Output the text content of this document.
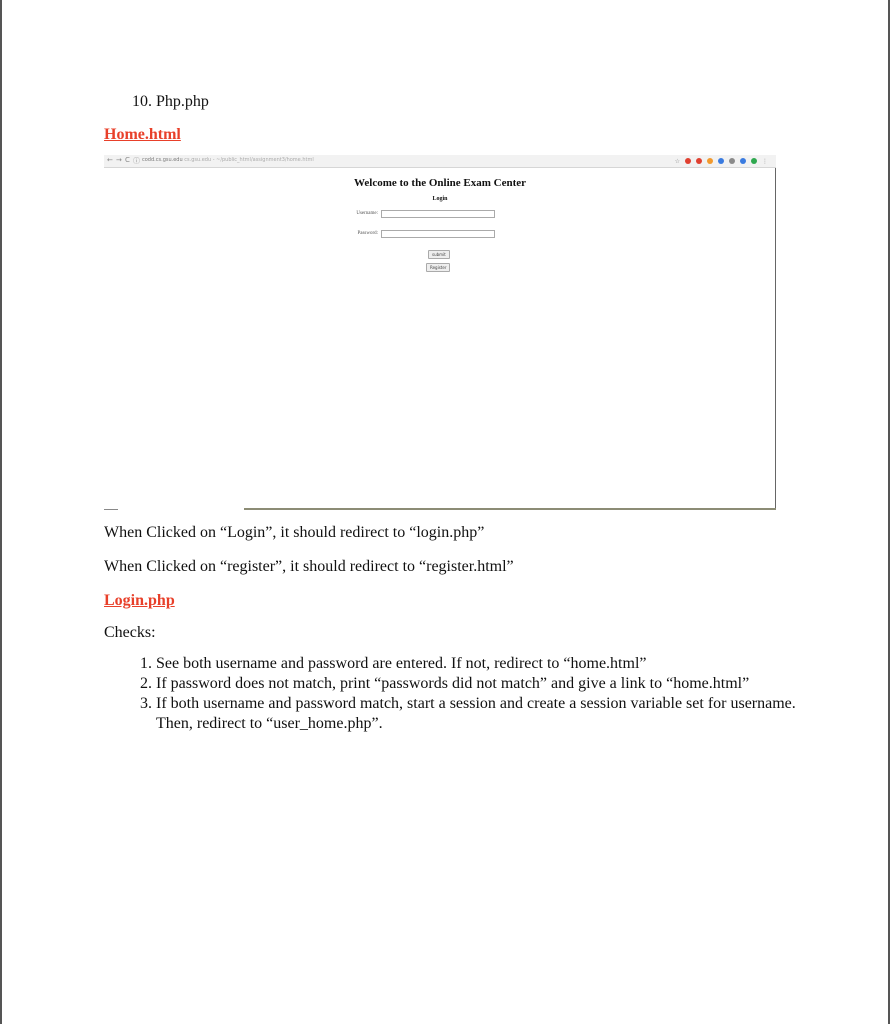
10. Php.php
Home.html
← → C ⓘ codd.cs.gsu.edu cs.gsu.edu - ~/public_html/assignment3/home.html	☆	⋮
Welcome to the Online Exam Center
Login
Username:
Password:
submit
Register
When Clicked on “Login”, it should redirect to “login.php”
When Clicked on “register”, it should redirect to “register.html”
Login.php
Checks:
1. See both username and password are entered. If not, redirect to “home.html”
2. If password does not match, print “passwords did not match” and give a link to “home.html”
3. If both username and password match, start a session and create a session variable set for username. Then, redirect to “user_home.php”.
